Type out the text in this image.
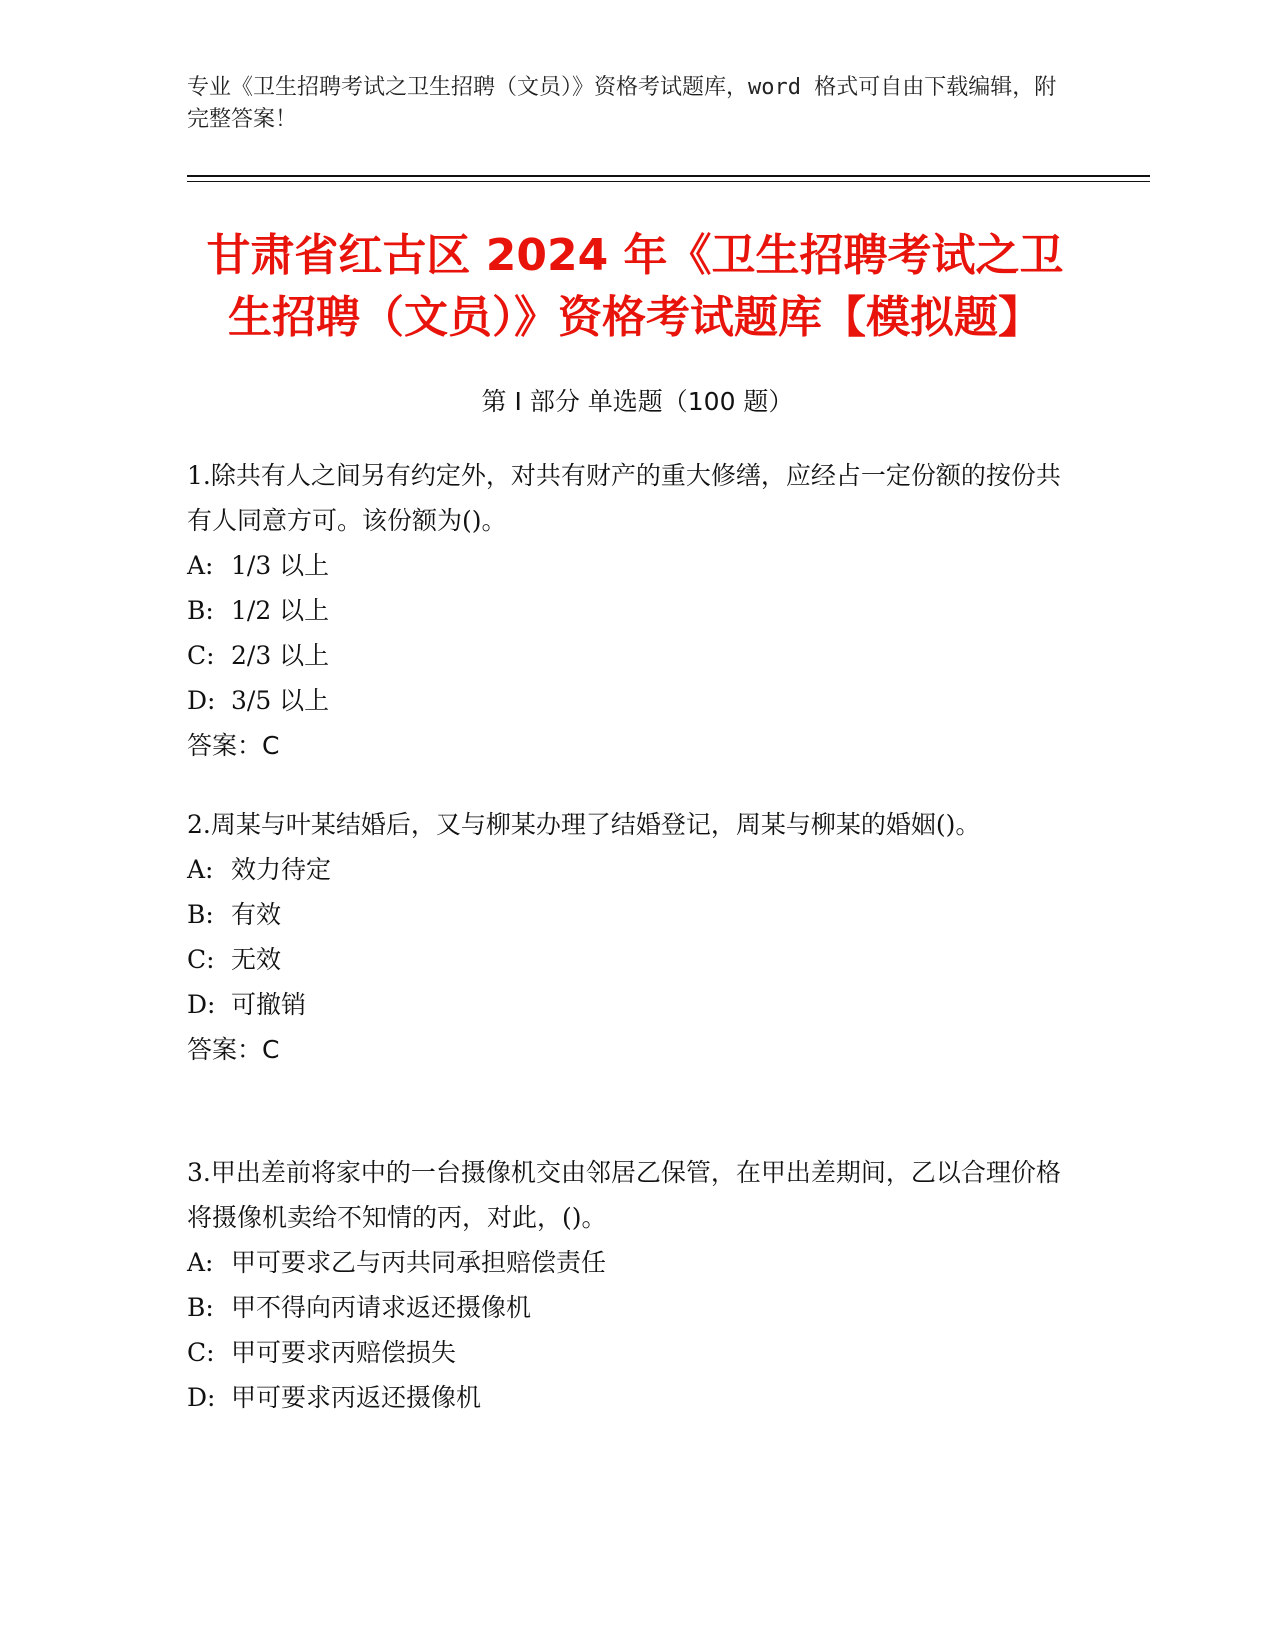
专业《卫生招聘考试之卫生招聘（文员）》资格考试题库，word 格式可自由下载编辑，附完整答案！
甘肃省红古区 2024 年《卫生招聘考试之卫生招聘（文员）》资格考试题库【模拟题】
第 I 部分 单选题（100 题）

1.除共有人之间另有约定外，对共有财产的重大修缮，应经占一定份额的按份共有人同意方可。该份额为()。

A: 1/3 以上
B: 1/2 以上
C: 2/3 以上
D: 3/5 以上
答案：C

2.周某与叶某结婚后，又与柳某办理了结婚登记，周某与柳某的婚姻()。

A: 效力待定
B: 有效
C: 无效
D: 可撤销
答案：C

3.甲出差前将家中的一台摄像机交由邻居乙保管，在甲出差期间，乙以合理价格将摄像机卖给不知情的丙，对此，()。

A: 甲可要求乙与丙共同承担赔偿责任
B: 甲不得向丙请求返还摄像机
C: 甲可要求丙赔偿损失
D: 甲可要求丙返还摄像机
